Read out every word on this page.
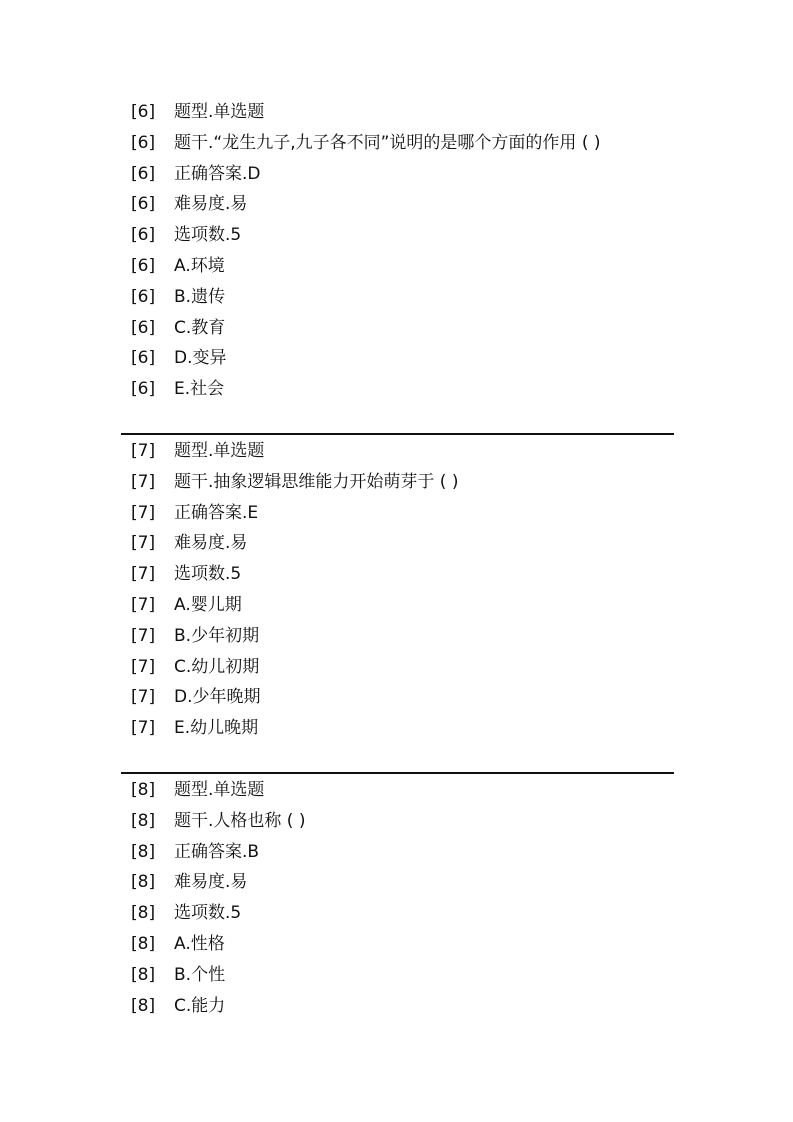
[6] 题型.单选题
[6] 题干.“龙生九子,九子各不同”说明的是哪个方面的作用 ( )
[6] 正确答案.D
[6] 难易度.易
[6] 选项数.5
[6] A.环境
[6] B.遗传
[6] C.教育
[6] D.变异
[6] E.社会
[7] 题型.单选题
[7] 题干.抽象逻辑思维能力开始萌芽于 ( )
[7] 正确答案.E
[7] 难易度.易
[7] 选项数.5
[7] A.婴儿期
[7] B.少年初期
[7] C.幼儿初期
[7] D.少年晚期
[7] E.幼儿晚期
[8] 题型.单选题
[8] 题干.人格也称 ( )
[8] 正确答案.B
[8] 难易度.易
[8] 选项数.5
[8] A.性格
[8] B.个性
[8] C.能力
